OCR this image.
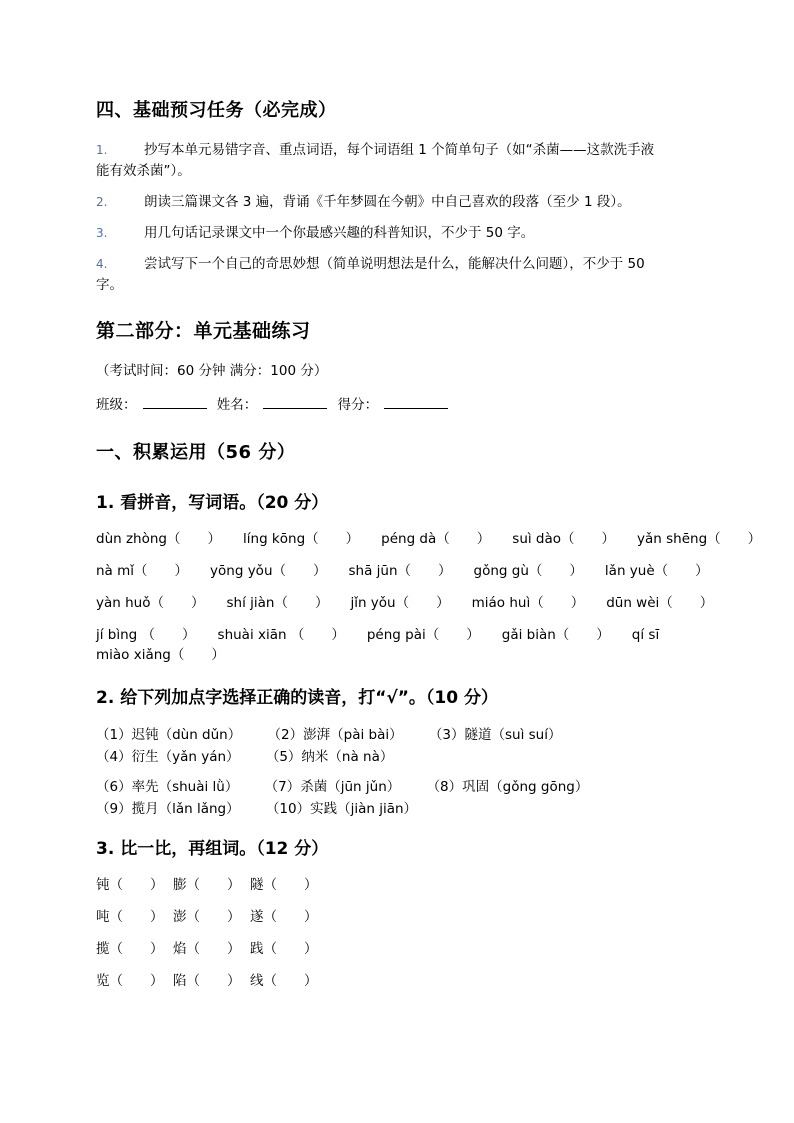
四、基础预习任务（必完成）
1.	抄写本单元易错字音、重点词语，每个词语组 1 个简单句子（如“杀菌——这款洗手液
能有效杀菌”）。
2.	朗读三篇课文各 3 遍，背诵《千年梦圆在今朝》中自己喜欢的段落（至少 1 段）。
3.	用几句话记录课文中一个你最感兴趣的科普知识，不少于 50 字。
4.	尝试写下一个自己的奇思妙想（简单说明想法是什么，能解决什么问题），不少于 50
字。
第二部分：单元基础练习
（考试时间：60 分钟 满分：100 分）
班级：	姓名：	得分：
一、积累运用（56 分）
1. 看拼音，写词语。（20 分）
dùn zhòng（　　） líng kōng（　　） péng dà（　　） suì dào（　　） yǎn shēng（　　）
nà mǐ（　　） yōng yǒu（　　） shā jūn（　　） gǒng gù（　　） lǎn yuè（　　）
yàn huǒ（　　） shí jiàn（　　） jǐn yǒu（　　） miáo huì（　　） dūn wèi（　　）
jí bìng （　　） shuài xiān （　　） péng pài（　　） gǎi biàn（　　） qí sī miào xiǎng（　　）
2. 给下列加点字选择正确的读音，打“√”。（10 分）
（1）迟钝（dùn dǔn） （2）澎湃（pài bài） （3）隧道（suì suí） （4）衍生（yǎn yán） （5）纳米（nà nà）
（6）率先（shuài lǜ） （7）杀菌（jūn jǔn） （8）巩固（gǒng gōng） （9）揽月（lǎn lǎng） （10）实践（jiàn jiān）
3. 比一比，再组词。（12 分）
钝（　　） 膨（　　） 隧（　　）
吨（　　） 澎（　　） 遂（　　）
揽（　　） 焰（　　） 践（　　）
览（　　） 陷（　　） 线（　　）
